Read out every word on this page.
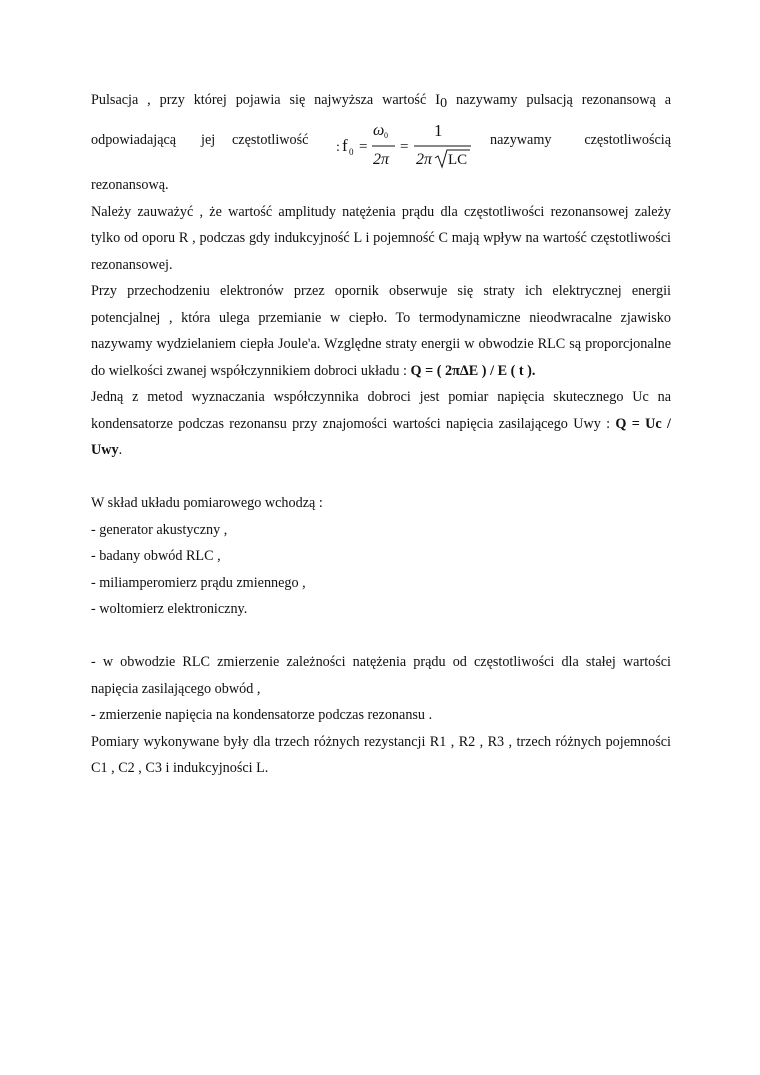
Pulsacja , przy której pojawia się najwyższa wartość $I_0$ nazywamy pulsacją rezonansową a
odpowiadającą jej częstotliwość : f 0 =
ω 0
2π
=
1
2π LC
nazywamy częstotliwością

rezonansową.

Należy zauważyć , że wartość amplitudy natężenia prądu dla częstotliwości rezonansowej zależy tylko od oporu R , podczas gdy indukcyjność L i pojemność C mają wpływ na wartość częstotliwości rezonansowej.

Przy przechodzeniu elektronów przez opornik obserwuje się straty ich elektrycznej energii potencjalnej , która ulega przemianie w ciepło. To termodynamiczne nieodwracalne zjawisko nazywamy wydzielaniem ciepła Joule'a. Względne straty energii w obwodzie RLC są proporcjonalne do wielkości zwanej współczynnikiem dobroci układu : Q = ( 2πΔE ) / E ( t ).

Jedną z metod wyznaczania współczynnika dobroci jest pomiar napięcia skutecznego Uc na kondensatorze podczas rezonansu przy znajomości wartości napięcia zasilającego Uwy : Q = Uc / Uwy.

W skład układu pomiarowego wchodzą :

- generator akustyczny ,

- badany obwód RLC ,

- miliamperomierz prądu zmiennego ,

- woltomierz elektroniczny.

- w obwodzie RLC zmierzenie zależności natężenia prądu od częstotliwości dla stałej wartości napięcia zasilającego obwód ,

- zmierzenie napięcia na kondensatorze podczas rezonansu .

Pomiary wykonywane były dla trzech różnych rezystancji R1 , R2 , R3 , trzech różnych pojemności C1 , C2 , C3 i indukcyjności L.
